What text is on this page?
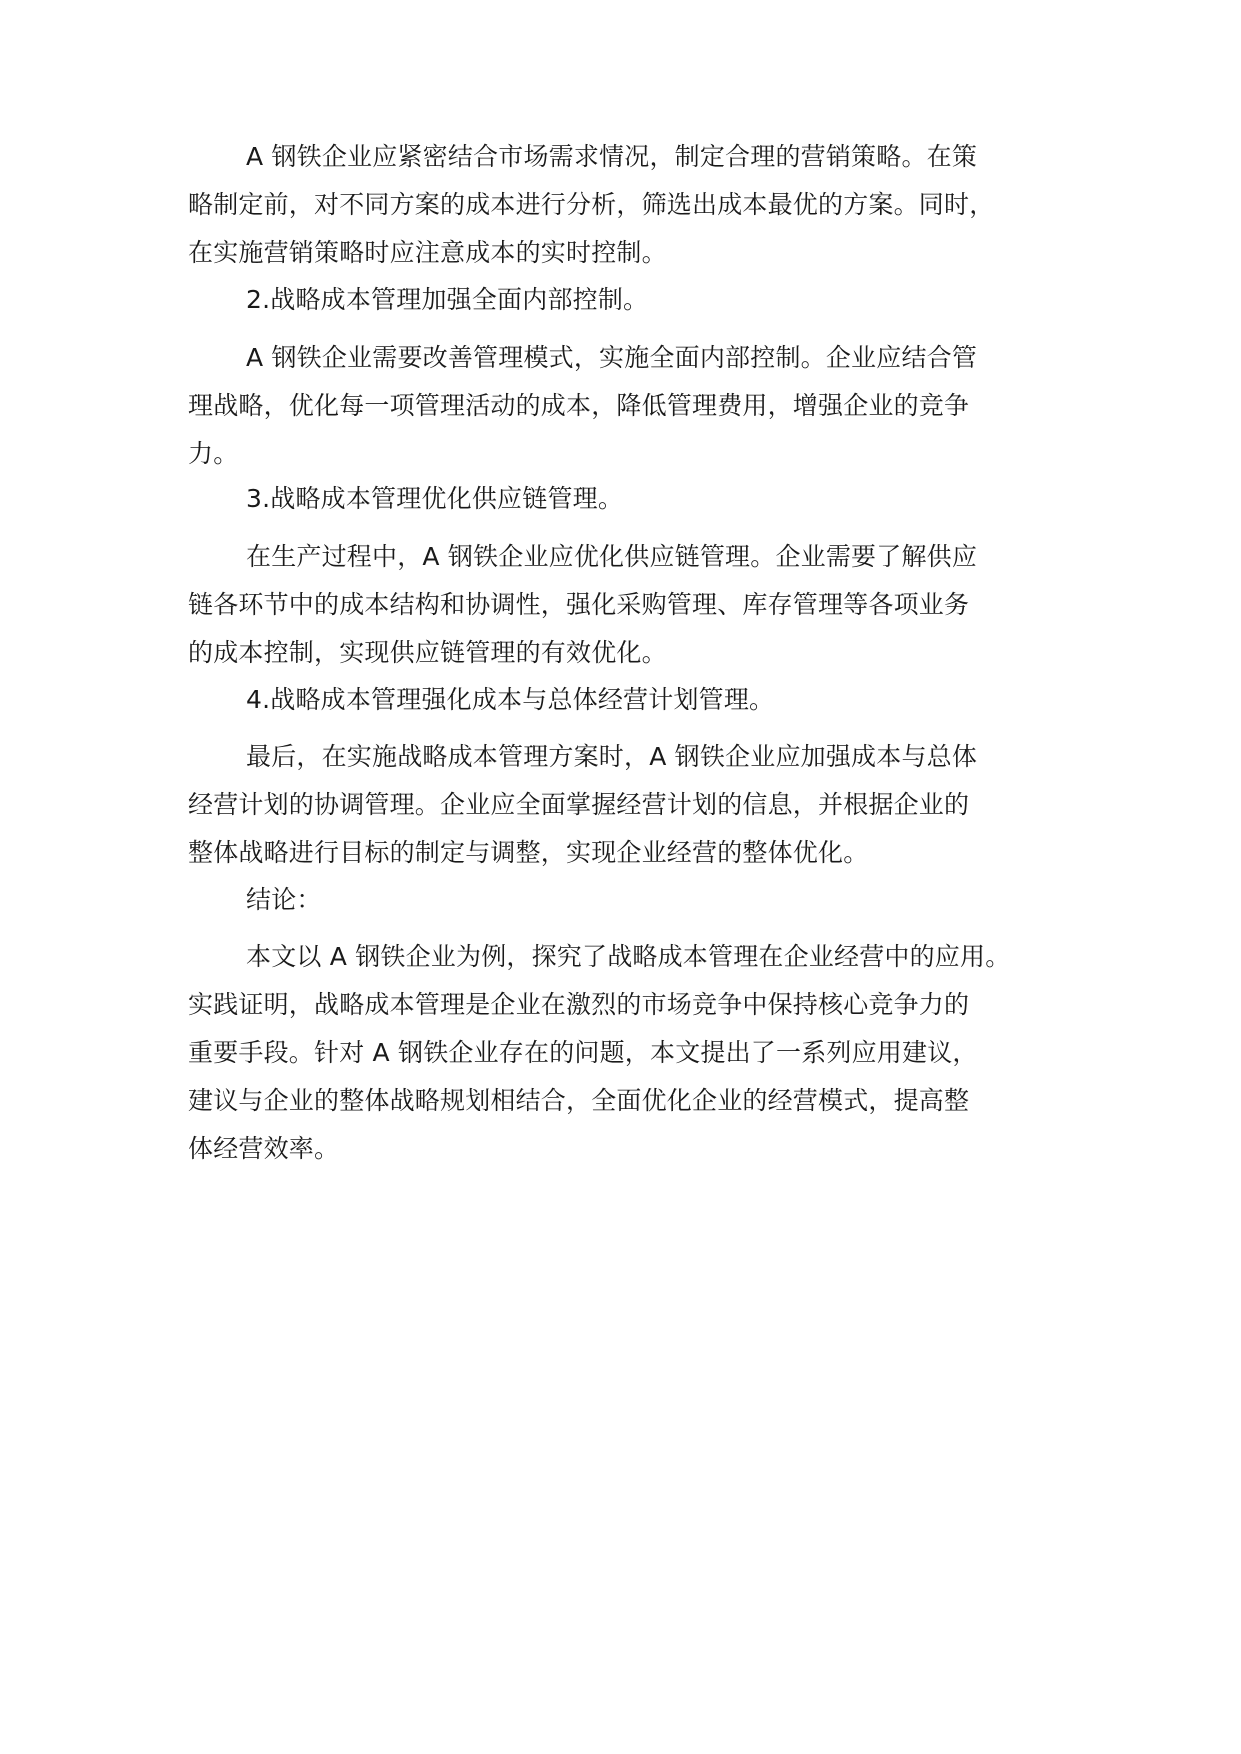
A 钢铁企业应紧密结合市场需求情况，制定合理的营销策略。在策
略制定前，对不同方案的成本进行分析，筛选出成本最优的方案。同时，
在实施营销策略时应注意成本的实时控制。
2.战略成本管理加强全面内部控制。
A 钢铁企业需要改善管理模式，实施全面内部控制。企业应结合管
理战略，优化每一项管理活动的成本，降低管理费用，增强企业的竞争
力。
3.战略成本管理优化供应链管理。
在生产过程中，A 钢铁企业应优化供应链管理。企业需要了解供应
链各环节中的成本结构和协调性，强化采购管理、库存管理等各项业务
的成本控制，实现供应链管理的有效优化。
4.战略成本管理强化成本与总体经营计划管理。
最后，在实施战略成本管理方案时，A 钢铁企业应加强成本与总体
经营计划的协调管理。企业应全面掌握经营计划的信息，并根据企业的
整体战略进行目标的制定与调整，实现企业经营的整体优化。
结论：
本文以 A 钢铁企业为例，探究了战略成本管理在企业经营中的应用。
实践证明，战略成本管理是企业在激烈的市场竞争中保持核心竞争力的
重要手段。针对 A 钢铁企业存在的问题，本文提出了一系列应用建议，
建议与企业的整体战略规划相结合，全面优化企业的经营模式，提高整
体经营效率。
